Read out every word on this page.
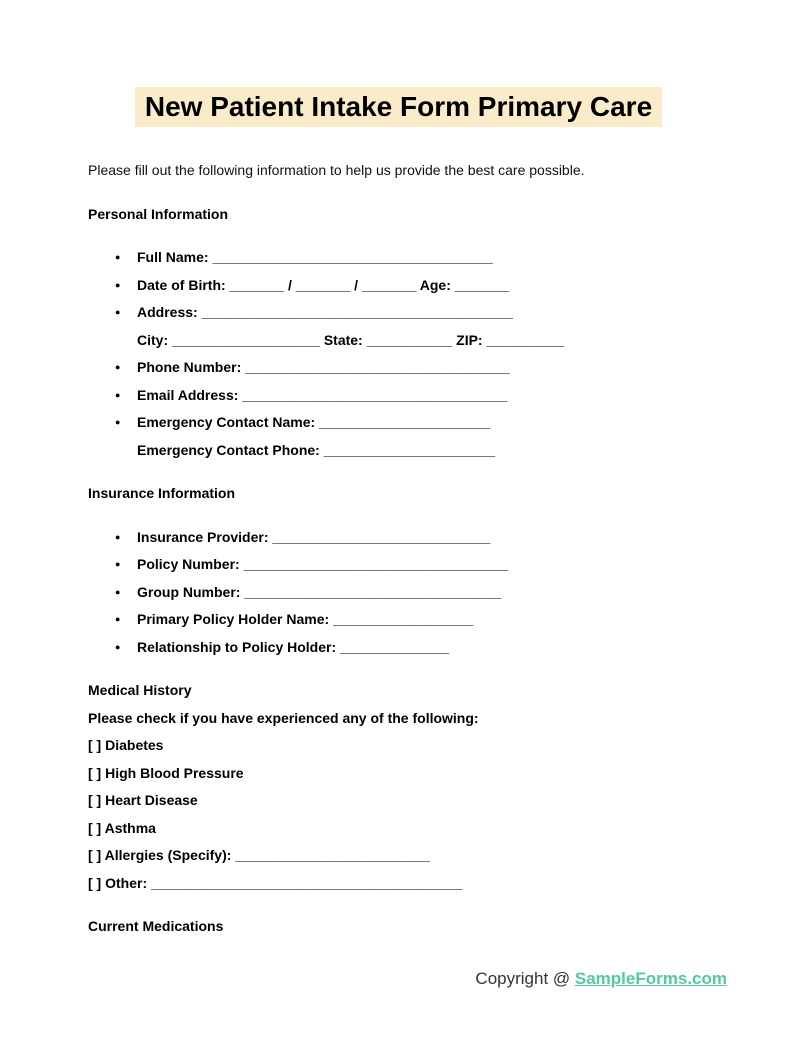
New Patient Intake Form Primary Care

Please fill out the following information to help us provide the best care possible.

Personal Information
● Full Name: ____________________________________
● Date of Birth: _______ / _______ / _______ Age: _______
● Address: ________________________________________
City: ___________________ State: ___________ ZIP: __________
● Phone Number: __________________________________
● Email Address: __________________________________
● Emergency Contact Name: ______________________
Emergency Contact Phone: ______________________
Insurance Information
● Insurance Provider: ____________________________
● Policy Number: __________________________________
● Group Number: _________________________________
● Primary Policy Holder Name: __________________
● Relationship to Policy Holder: ______________
Medical History
Please check if you have experienced any of the following:
[ ] Diabetes
[ ] High Blood Pressure
[ ] Heart Disease
[ ] Asthma
[ ] Allergies (Specify): _________________________
[ ] Other: ________________________________________
Current Medications
Copyright @ SampleForms.com
